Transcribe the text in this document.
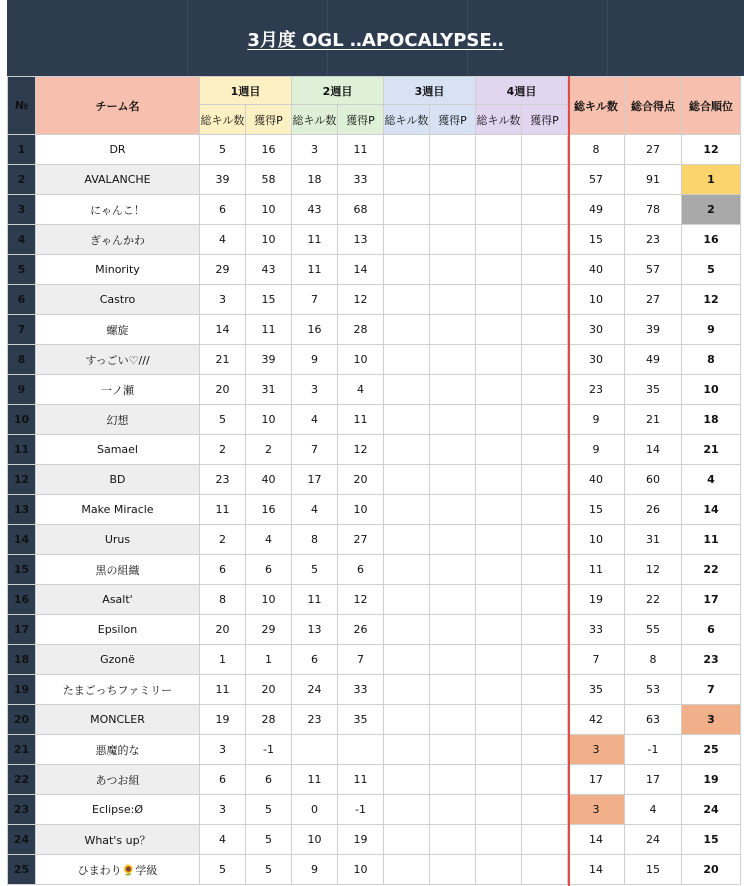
3月度 OGL ‥APOCALYPSE‥
№	チーム名	1週目		2週目		3週目		4週目		総キル数	総合得点	総合順位
		総キル数	獲得P	総キル数	獲得P	総キル数	獲得P	総キル数	獲得P			
1	DR	5	16	3	11					8	27	12
2	AVALANCHE	39	58	18	33					57	91	1
3	にゃんこ！	6	10	43	68					49	78	2
4	ぎゃんかわ	4	10	11	13					15	23	16
5	Minority	29	43	11	14					40	57	5
6	Castro	3	15	7	12					10	27	12
7	螺旋	14	11	16	28					30	39	9
8	すっごい♡///	21	39	9	10					30	49	8
9	一ノ瀬	20	31	3	4					23	35	10
10	幻想	5	10	4	11					9	21	18
11	Samael	2	2	7	12					9	14	21
12	BD	23	40	17	20					40	60	4
13	Make Miracle	11	16	4	10					15	26	14
14	Urus	2	4	8	27					10	31	11
15	黒の組織	6	6	5	6					11	12	22
16	Asalt'	8	10	11	12					19	22	17
17	Epsilon	20	29	13	26					33	55	6
18	Gzonë	1	1	6	7					7	8	23
19	たまごっちファミリー	11	20	24	33					35	53	7
20	MONCLER	19	28	23	35					42	63	3
21	悪魔的な	3	-1							3	-1	25
22	あつお組	6	6	11	11					17	17	19
23	Eclipse:Ø	3	5	0	-1					3	4	24
24	What's up？	4	5	10	19					14	24	15
25	ひまわり🌻学級	5	5	9	10					14	15	20
